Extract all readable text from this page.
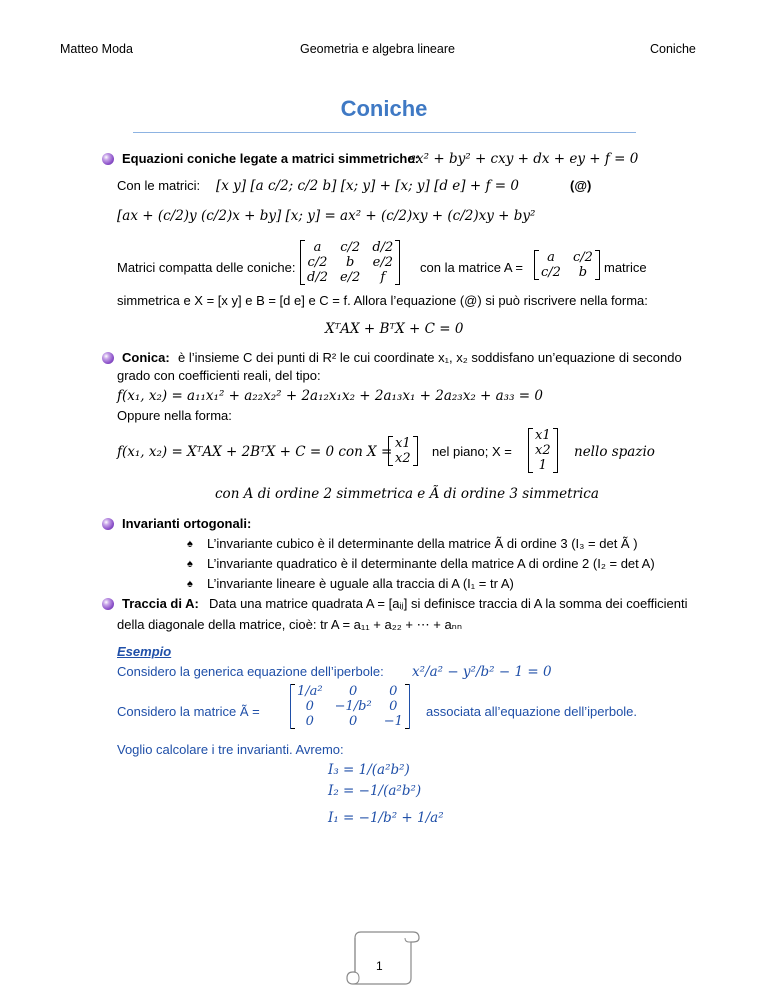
Matteo Moda	Geometria e algebra lineare	Coniche
Coniche
Equazioni coniche legate a matrici simmetriche:
ax² + by² + cxy + dx + ey + f = 0
Con le matrici: [x y] [a c/2; c/2 b] [x; y] + [x; y] [d e] + f = 0	(@)
[ax + (c/2)y (c/2)x + by] [x; y] = ax² + (c/2)xy + (c/2)xy + by²
Matrici compatta delle coniche:
a	c/2	d/2
c/2	b	e/2
d/2	e/2	f
con la matrice A =
a	c/2
c/2	b matrice
simmetrica e X = [x y] e B = [d e] e C = f. Allora l’equazione (@) si può riscrivere nella forma:
XᵀAX + BᵀX + C = 0
Conica: è l’insieme C dei punti di R² le cui coordinate x₁, x₂ soddisfano un’equazione di secondo
grado con coefficienti reali, del tipo:
f(x₁, x₂) = a₁₁x₁² + a₂₂x₂² + 2a₁₂x₁x₂ + 2a₁₃x₁ + 2a₂₃x₂ + a₃₃ = 0
Oppure nella forma:
f(x₁, x₂) = XᵀAX + 2BᵀX + C = 0 con X =
x1
x2 nel piano; X =
x1
x2
1
nello spazio
con A di ordine 2 simmetrica e Ã di ordine 3 simmetrica
Invarianti ortogonali:
♠ L’invariante cubico è il determinante della matrice Ã di ordine 3 (I₃ = det Ã )
♠ L’invariante quadratico è il determinante della matrice A di ordine 2 (I₂ = det A)
♠ L’invariante lineare è uguale alla traccia di A (I₁ = tr A)
Traccia di A: Data una matrice quadrata A = [aᵢⱼ] si definisce traccia di A la somma dei coefficienti
della diagonale della matrice, cioè: tr A = a₁₁ + a₂₂ + ⋯ + aₙₙ
Esempio
Considero la generica equazione dell’iperbole: x²/a² − y²/b² − 1 = 0
Considero la matrice Ã =
1/a²	0	0
0	−1/b²	0
0	0	−1
associata all’equazione dell’iperbole.
Voglio calcolare i tre invarianti. Avremo:
I₃ = 1/(a²b²)
I₂ = −1/(a²b²)
I₁ = −1/b² + 1/a²
1
